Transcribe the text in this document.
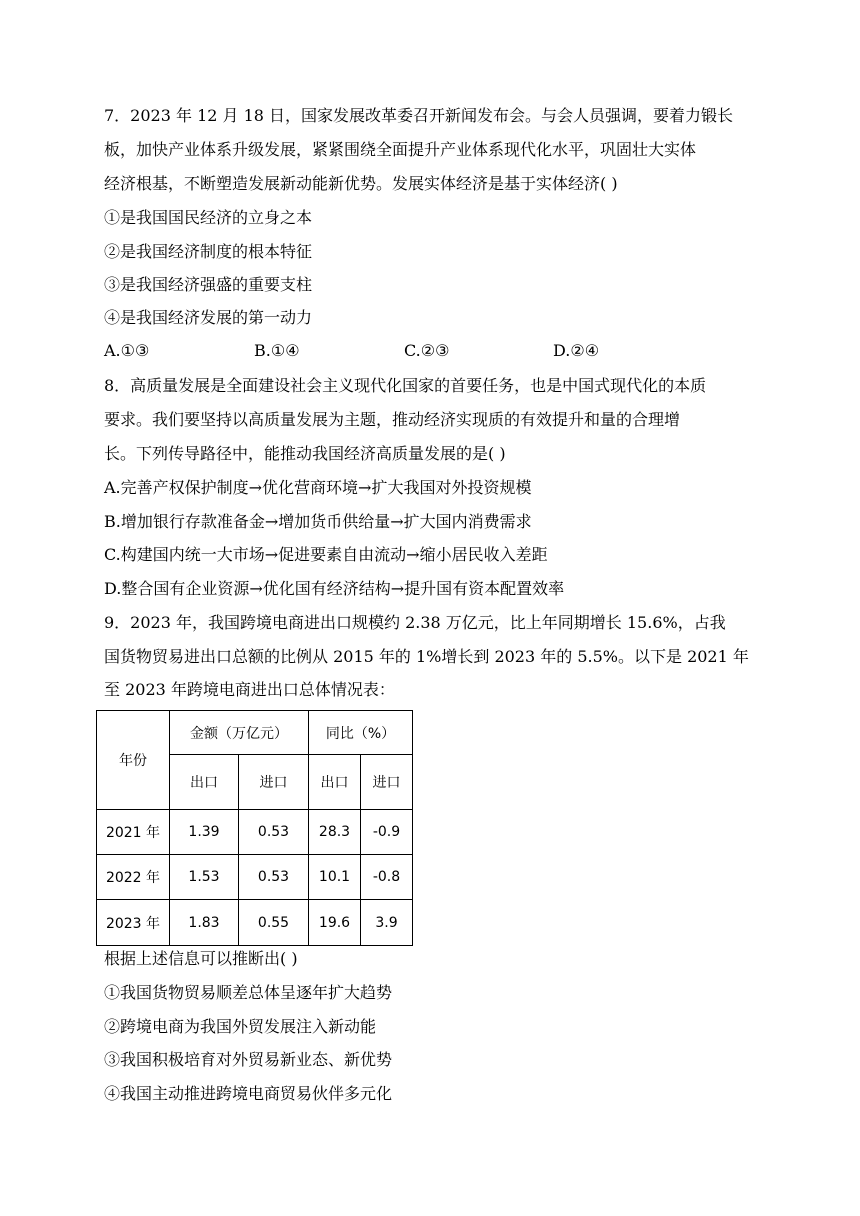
7．2023 年 12 月 18 日，国家发展改革委召开新闻发布会。与会人员强调，要着力锻长
板，加快产业体系升级发展，紧紧围绕全面提升产业体系现代化水平，巩固壮大实体
经济根基，不断塑造发展新动能新优势。发展实体经济是基于实体经济( )
①是我国国民经济的立身之本
②是我国经济制度的根本特征
③是我国经济强盛的重要支柱
④是我国经济发展的第一动力
A.①③	B.①④	C.②③	D.②④
8．高质量发展是全面建设社会主义现代化国家的首要任务，也是中国式现代化的本质
要求。我们要坚持以高质量发展为主题，推动经济实现质的有效提升和量的合理增
长。下列传导路径中，能推动我国经济高质量发展的是( )
A.完善产权保护制度→优化营商环境→扩大我国对外投资规模
B.增加银行存款准备金→增加货币供给量→扩大国内消费需求
C.构建国内统一大市场→促进要素自由流动→缩小居民收入差距
D.整合国有企业资源→优化国有经济结构→提升国有资本配置效率
9．2023 年，我国跨境电商进出口规模约 2.38 万亿元，比上年同期增长 15.6%，占我
国货物贸易进出口总额的比例从 2015 年的 1%增长到 2023 年的 5.5%。以下是 2021 年
至 2023 年跨境电商进出口总体情况表：
年份	金额（万亿元）		同比（%）	
	出口	进口	出口	进口
2021 年	1.39	0.53	28.3	-0.9
2022 年	1.53	0.53	10.1	-0.8
2023 年	1.83	0.55	19.6	3.9
根据上述信息可以推断出( )
①我国货物贸易顺差总体呈逐年扩大趋势
②跨境电商为我国外贸发展注入新动能
③我国积极培育对外贸易新业态、新优势
④我国主动推进跨境电商贸易伙伴多元化
